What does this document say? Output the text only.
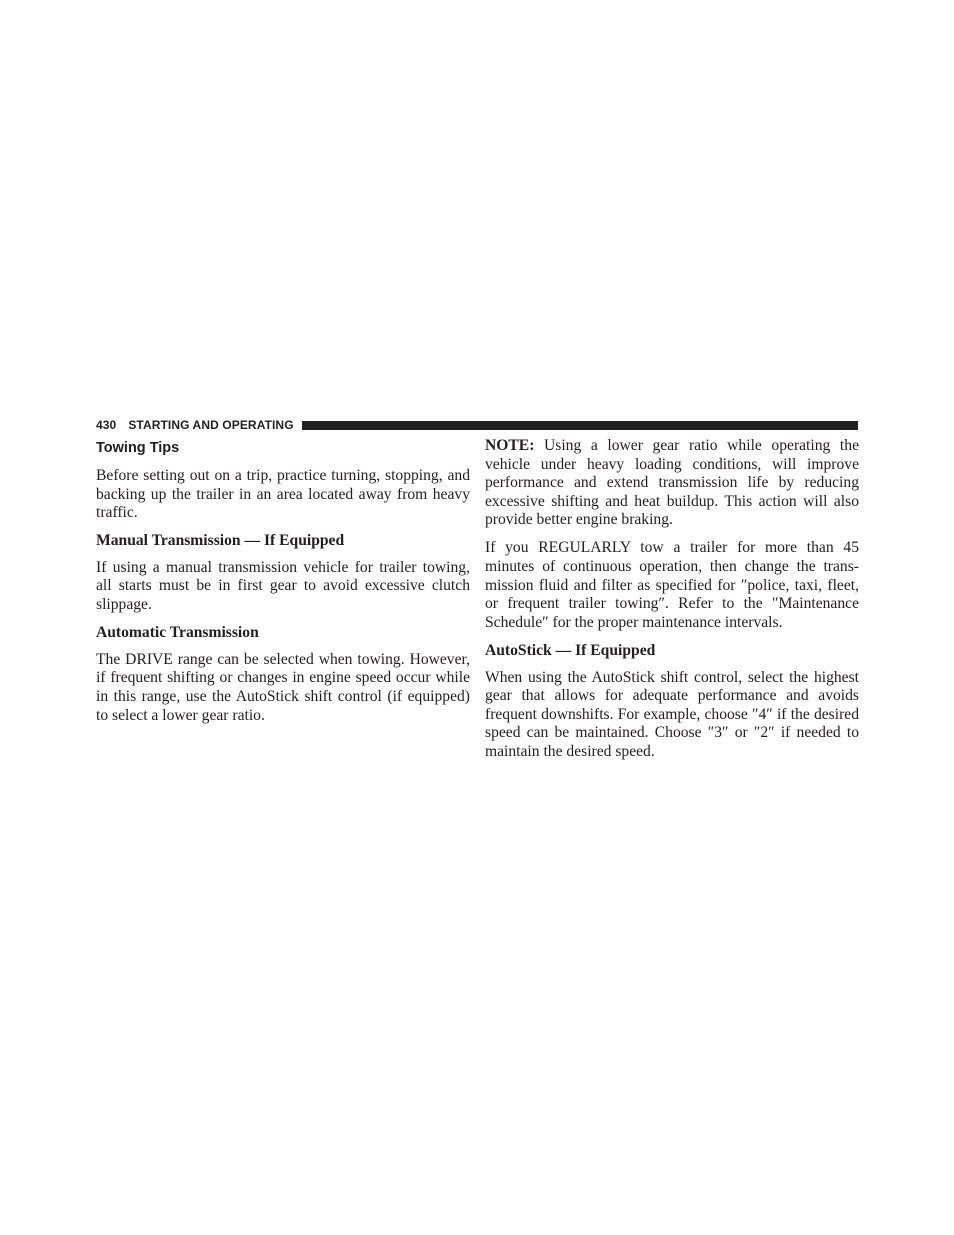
430 STARTING AND OPERATING
Towing Tips

Before setting out on a trip, practice turning, stopping, and backing up the trailer in an area located away from heavy traffic.

Manual Transmission — If Equipped

If using a manual transmission vehicle for trailer towing, all starts must be in first gear to avoid excessive clutch slippage.

Automatic Transmission

The DRIVE range can be selected when towing. However, if frequent shifting or changes in engine speed occur while in this range, use the AutoStick shift control (if equipped) to select a lower gear ratio.

NOTE: Using a lower gear ratio while operating the vehicle under heavy loading conditions, will improve performance and extend transmission life by reducing excessive shifting and heat buildup. This action will also provide better engine braking.

If you REGULARLY tow a trailer for more than 45 minutes of continuous operation, then change the transmission fluid and filter as specified for ″police, taxi, fleet, or frequent trailer towing″. Refer to the ″Maintenance Schedule″ for the proper maintenance intervals.

AutoStick — If Equipped

When using the AutoStick shift control, select the highest gear that allows for adequate performance and avoids frequent downshifts. For example, choose ″4″ if the desired speed can be maintained. Choose ″3″ or ″2″ if needed to maintain the desired speed.
